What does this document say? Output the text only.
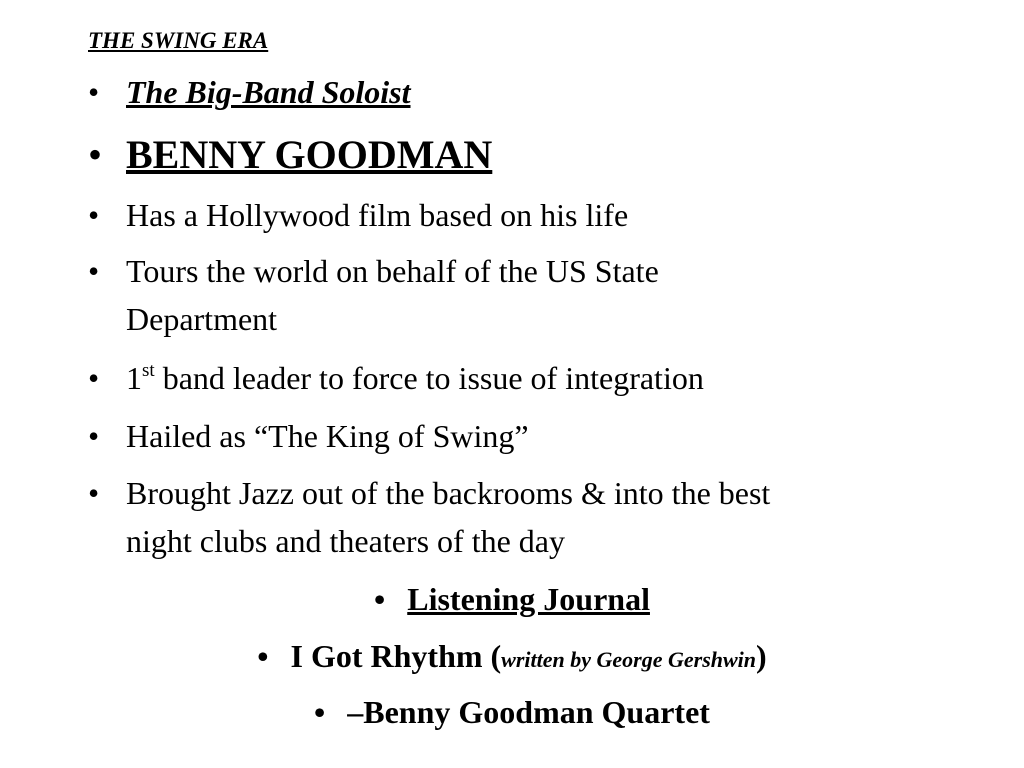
THE SWING ERA
• The Big-Band Soloist
• BENNY GOODMAN
• Has a Hollywood film based on his life
• Tours the world on behalf of the US State
Department
• 1st band leader to force to issue of integration
• Hailed as “The King of Swing”
• Brought Jazz out of the backrooms & into the best
night clubs and theaters of the day
• Listening Journal
• I Got Rhythm (written by George Gershwin)
• –Benny Goodman Quartet
